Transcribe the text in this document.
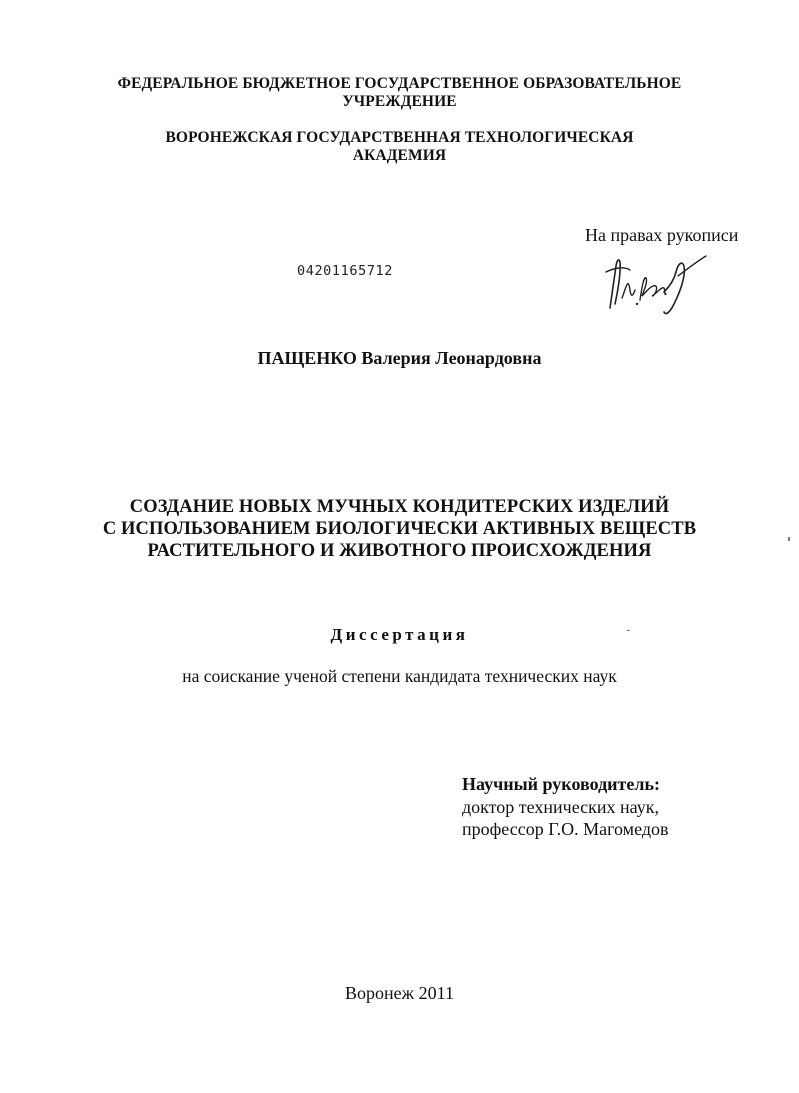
ФЕДЕРАЛЬНОЕ БЮДЖЕТНОЕ ГОСУДАРСТВЕННОЕ ОБРАЗОВАТЕЛЬНОЕ
УЧРЕЖДЕНИЕ
ВОРОНЕЖСКАЯ ГОСУДАРСТВЕННАЯ ТЕХНОЛОГИЧЕСКАЯ
АКАДЕМИЯ
На правах рукописи
04201165712
ПАЩЕНКО Валерия Леонардовна
СОЗДАНИЕ НОВЫХ МУЧНЫХ КОНДИТЕРСКИХ ИЗДЕЛИЙ
С ИСПОЛЬЗОВАНИЕМ БИОЛОГИЧЕСКИ АКТИВНЫХ ВЕЩЕСТВ
РАСТИТЕЛЬНОГО И ЖИВОТНОГО ПРОИСХОЖДЕНИЯ
Диссертация
на соискание ученой степени кандидата технических наук
Научный руководитель:
доктор технических наук,
профессор Г.О. Магомедов
Воронеж 2011
